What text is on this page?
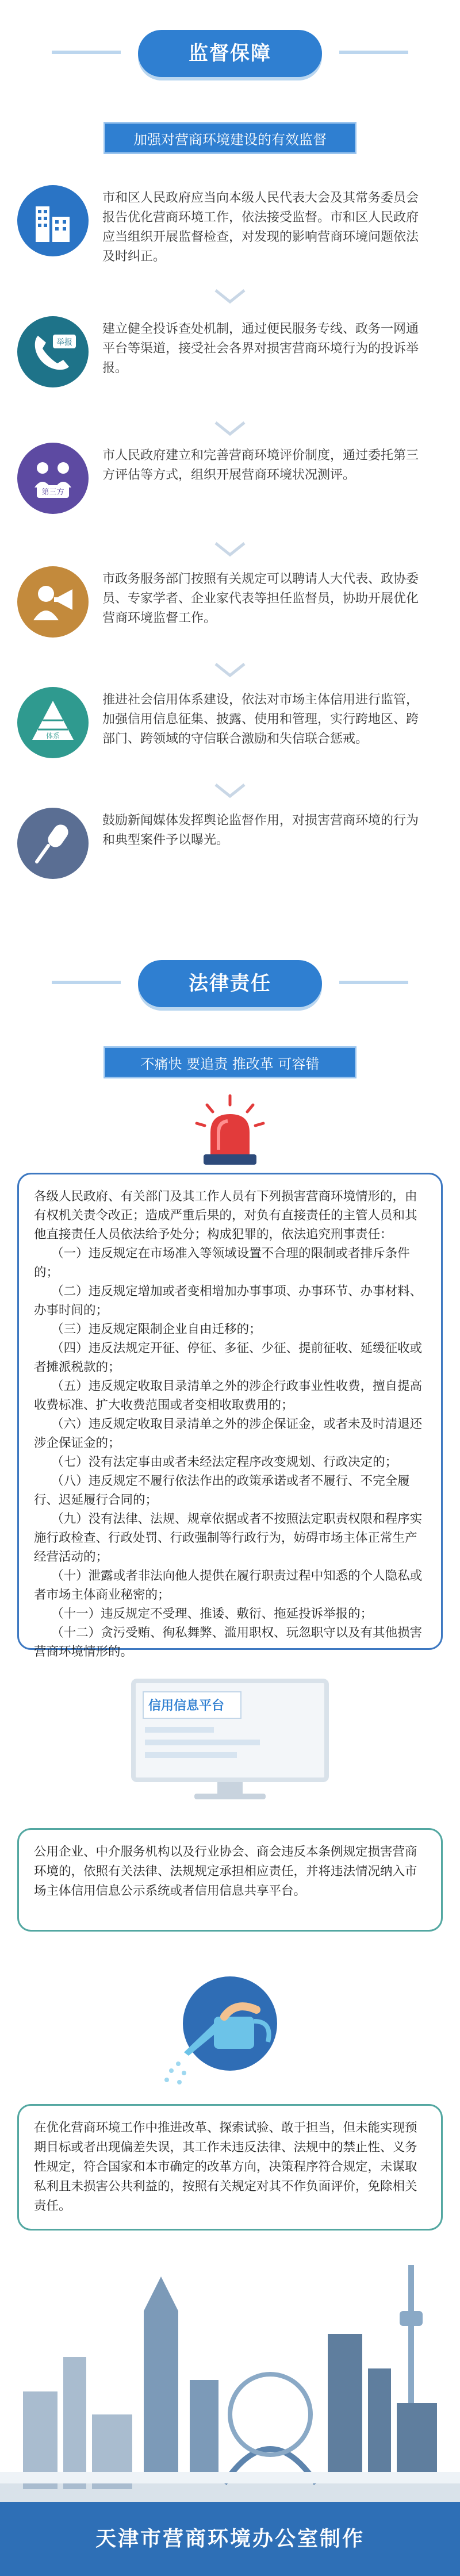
监督保障
加强对营商环境建设的有效监督
市和区人民政府应当向本级人民代表大会及其常务委员会报告优化营商环境工作，依法接受监督。市和区人民政府应当组织开展监督检查，对发现的影响营商环境问题依法及时纠正。
举报
建立健全投诉查处机制，通过便民服务专线、政务一网通平台等渠道，接受社会各界对损害营商环境行为的投诉举报。
第三方
市人民政府建立和完善营商环境评价制度，通过委托第三方评估等方式，组织开展营商环境状况测评。
市政务服务部门按照有关规定可以聘请人大代表、政协委员、专家学者、企业家代表等担任监督员，协助开展优化营商环境监督工作。
体系
推进社会信用体系建设，依法对市场主体信用进行监管，加强信用信息征集、披露、使用和管理，实行跨地区、跨部门、跨领域的守信联合激励和失信联合惩戒。
鼓励新闻媒体发挥舆论监督作用，对损害营商环境的行为和典型案件予以曝光。
法律责任
不痛快 要追责 推改革 可容错

各级人民政府、有关部门及其工作人员有下列损害营商环境情形的，由有权机关责令改正；造成严重后果的，对负有直接责任的主管人员和其他直接责任人员依法给予处分；构成犯罪的，依法追究刑事责任：

（一）违反规定在市场准入等领域设置不合理的限制或者排斥条件的；

（二）违反规定增加或者变相增加办事事项、办事环节、办事材料、办事时间的；

（三）违反规定限制企业自由迁移的；

（四）违反法规定开征、停征、多征、少征、提前征收、延缓征收或者摊派税款的；

（五）违反规定收取目录清单之外的涉企行政事业性收费，擅自提高收费标准、扩大收费范围或者变相收取费用的；

（六）违反规定收取目录清单之外的涉企保证金，或者未及时清退还涉企保证金的；

（七）没有法定事由或者未经法定程序改变规划、行政决定的；

（八）违反规定不履行依法作出的政策承诺或者不履行、不完全履行、迟延履行合同的；

（九）没有法律、法规、规章依据或者不按照法定职责权限和程序实施行政检查、行政处罚、行政强制等行政行为，妨碍市场主体正常生产经营活动的；

（十）泄露或者非法向他人提供在履行职责过程中知悉的个人隐私或者市场主体商业秘密的；

（十一）违反规定不受理、推诿、敷衍、拖延投诉举报的；

（十二）贪污受贿、徇私舞弊、滥用职权、玩忽职守以及有其他损害营商环境情形的。

信用信息平台
公用企业、中介服务机构以及行业协会、商会违反本条例规定损害营商环境的，依照有关法律、法规规定承担相应责任，并将违法情况纳入市场主体信用信息公示系统或者信用信息共享平台。
在优化营商环境工作中推进改革、探索试验、敢于担当，但未能实现预期目标或者出现偏差失误，其工作未违反法律、法规中的禁止性、义务性规定，符合国家和本市确定的改革方向，决策程序符合规定，未谋取私利且未损害公共利益的，按照有关规定对其不作负面评价，免除相关责任。
天津市营商环境办公室制作
